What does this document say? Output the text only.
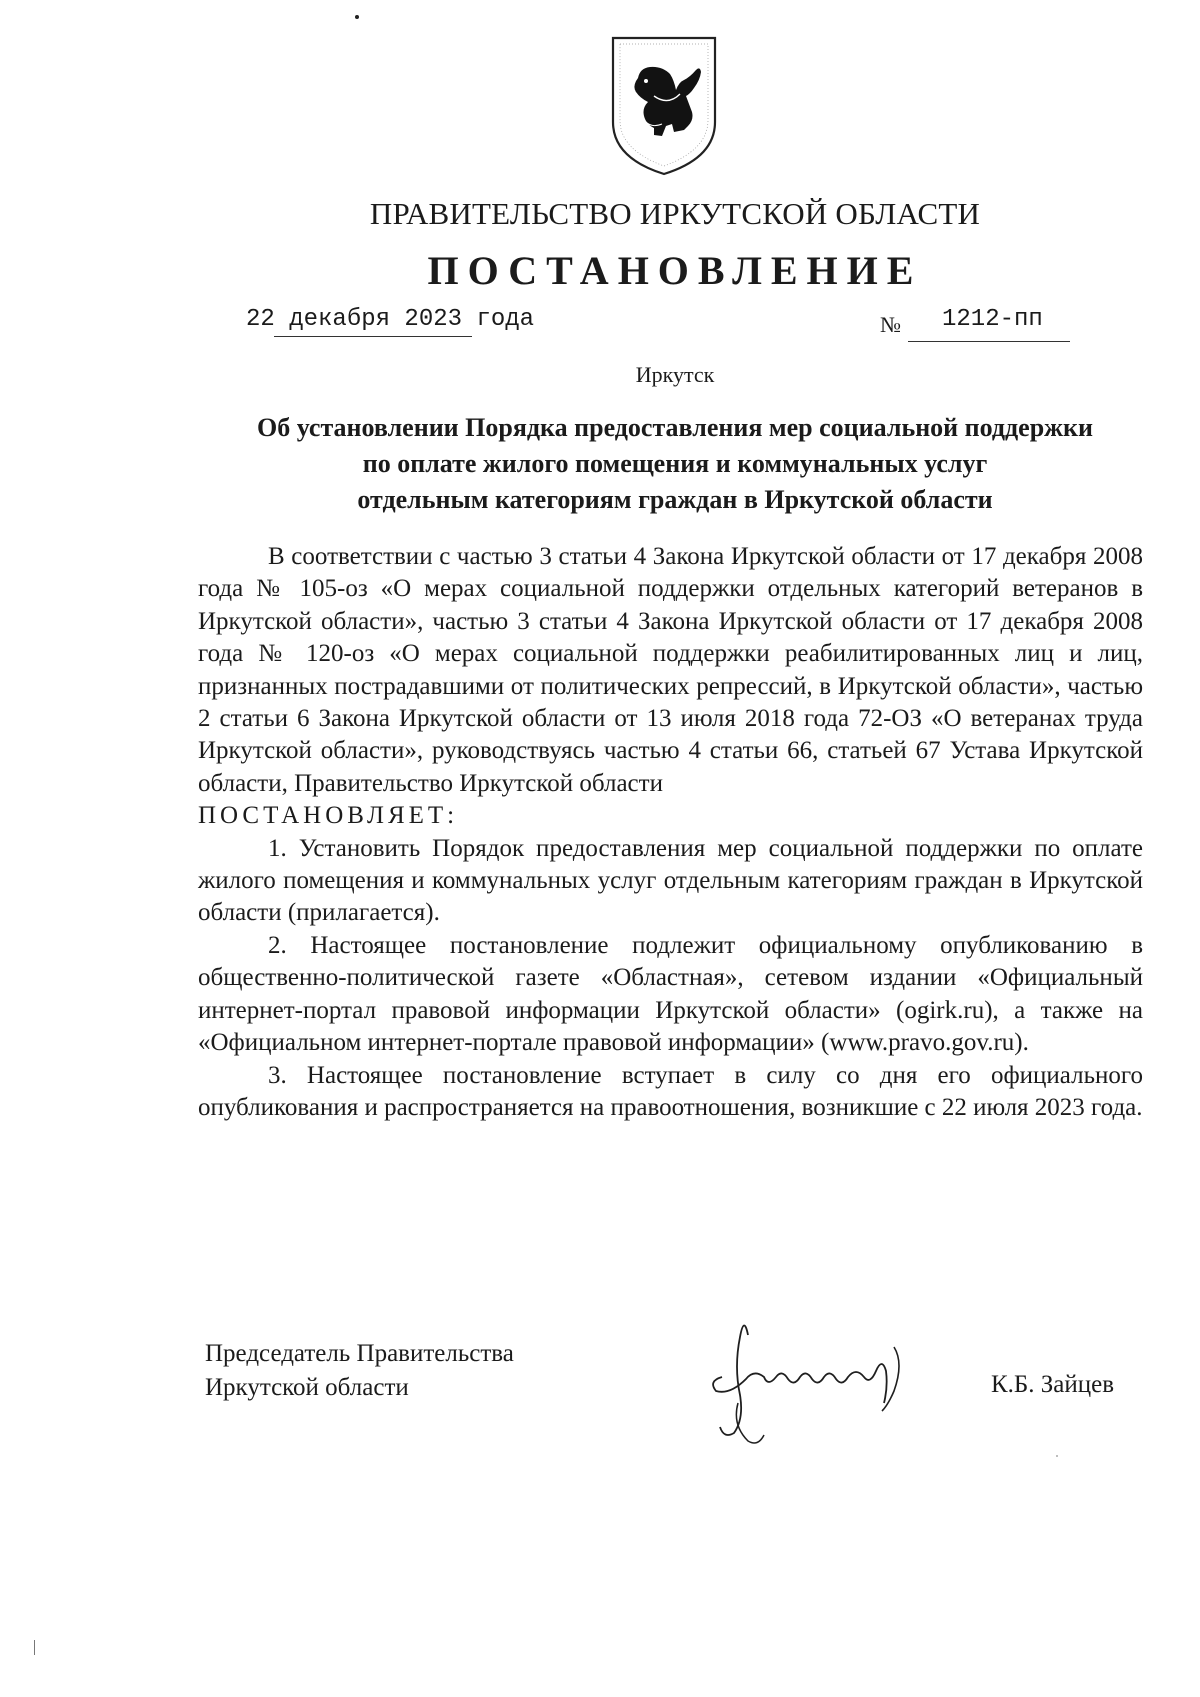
ПРАВИТЕЛЬСТВО ИРКУТСКОЙ ОБЛАСТИ
ПОСТАНОВЛЕНИЕ
22 декабря 2023 года	№ 1212-пп
Иркутск
Об установлении Порядка предоставления мер социальной поддержки
по оплате жилого помещения и коммунальных услуг
отдельным категориям граждан в Иркутской области

В соответствии с частью 3 статьи 4 Закона Иркутской области от 17 декабря 2008 года № 105-оз «О мерах социальной поддержки отдельных категорий ветеранов в Иркутской области», частью 3 статьи 4 Закона Иркутской области от 17 декабря 2008 года № 120-оз «О мерах социальной поддержки реабилитированных лиц и лиц, признанных пострадавшими от политических репрессий, в Иркутской области», частью 2 статьи 6 Закона Иркутской области от 13 июля 2018 года 72-ОЗ «О ветеранах труда Иркутской области», руководствуясь частью 4 статьи 66, статьей 67 Устава Иркутской области, Правительство Иркутской области

ПОСТАНОВЛЯЕТ:

1. Установить Порядок предоставления мер социальной поддержки по оплате жилого помещения и коммунальных услуг отдельным категориям граждан в Иркутской области (прилагается).

2. Настоящее постановление подлежит официальному опубликованию в общественно-политической газете «Областная», сетевом издании «Официальный интернет-портал правовой информации Иркутской области» (ogirk.ru), а также на «Официальном интернет-портале правовой информации» (www.pravo.gov.ru).

3. Настоящее постановление вступает в силу со дня его официального опубликования и распространяется на правоотношения, возникшие с 22 июля 2023 года.

Председатель Правительства
Иркутской области	К.Б. Зайцев
